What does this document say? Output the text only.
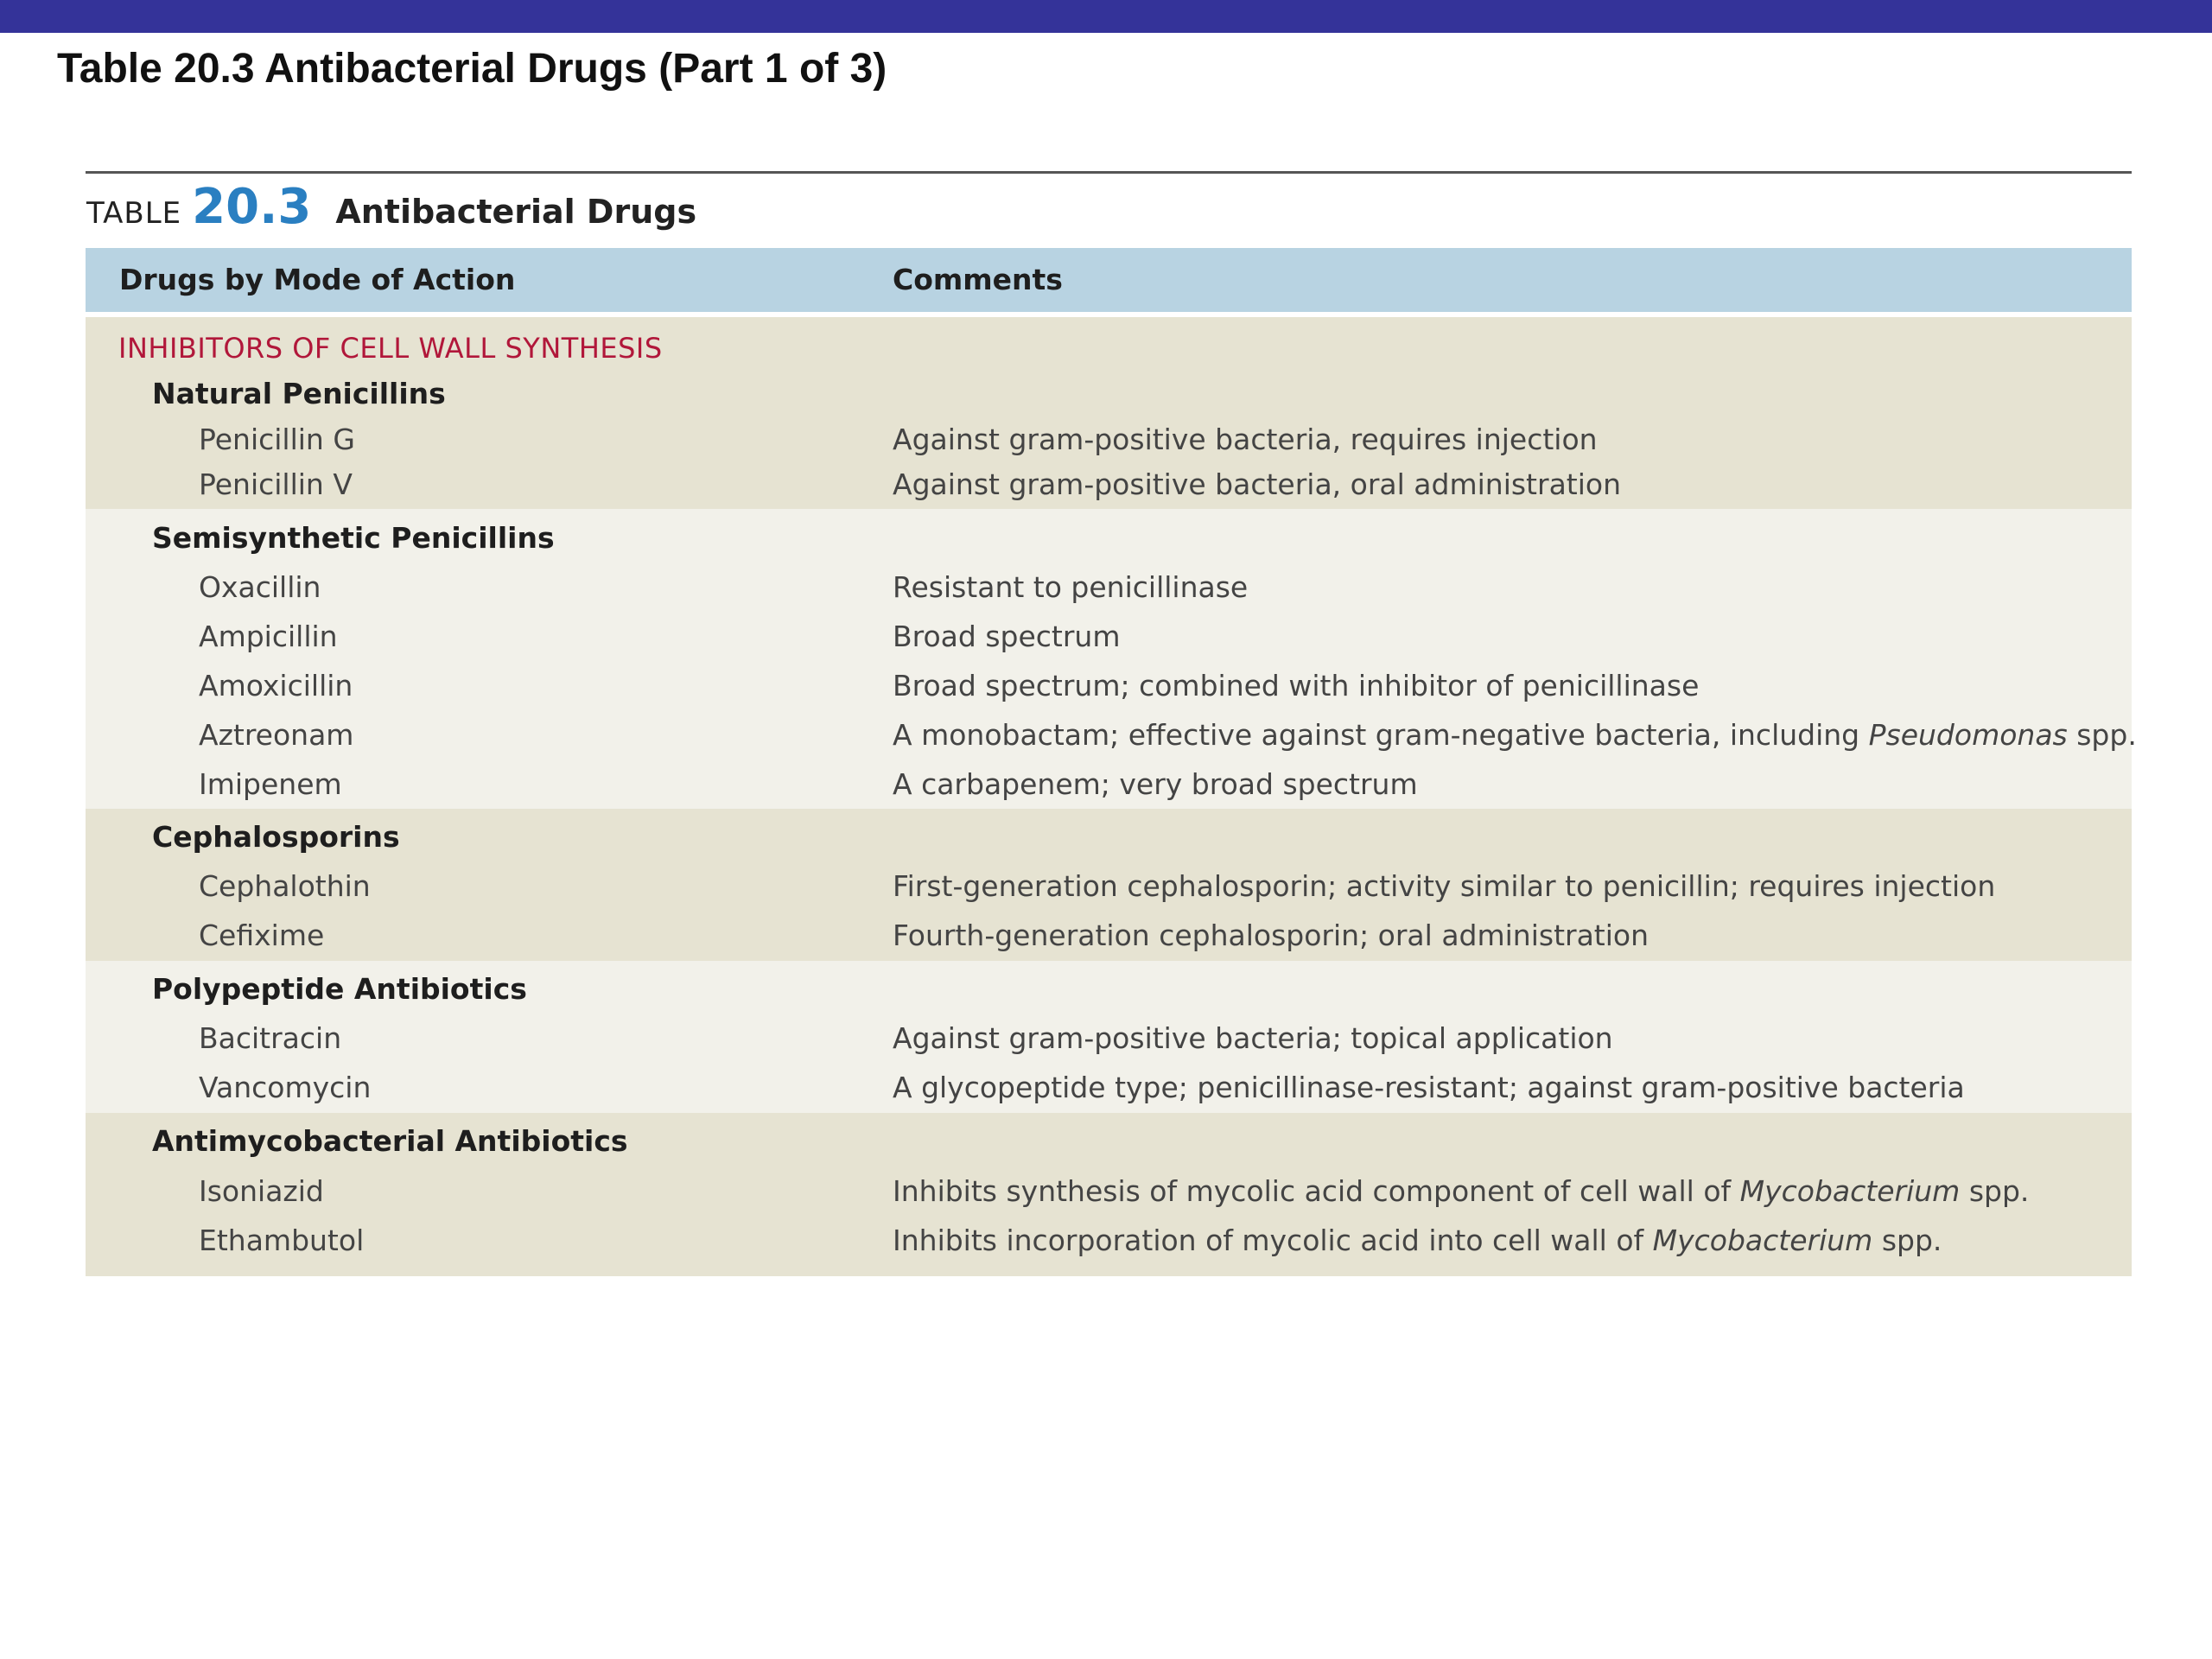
Table 20.3 Antibacterial Drugs (Part 1 of 3)
TABLE 20.3 Antibacterial Drugs
Drugs by Mode of Action	Comments
INHIBITORS OF CELL WALL SYNTHESIS
Natural Penicillins
Penicillin G	Against gram-positive bacteria, requires injection
Penicillin V	Against gram-positive bacteria, oral administration
Semisynthetic Penicillins
Oxacillin	Resistant to penicillinase
Ampicillin	Broad spectrum
Amoxicillin	Broad spectrum; combined with inhibitor of penicillinase
Aztreonam	A monobactam; effective against gram-negative bacteria, including Pseudomonas spp.
Imipenem	A carbapenem; very broad spectrum
Cephalosporins
Cephalothin	First-generation cephalosporin; activity similar to penicillin; requires injection
Cefixime	Fourth-generation cephalosporin; oral administration
Polypeptide Antibiotics
Bacitracin	Against gram-positive bacteria; topical application
Vancomycin	A glycopeptide type; penicillinase-resistant; against gram-positive bacteria
Antimycobacterial Antibiotics
Isoniazid	Inhibits synthesis of mycolic acid component of cell wall of Mycobacterium spp.
Ethambutol	Inhibits incorporation of mycolic acid into cell wall of Mycobacterium spp.
